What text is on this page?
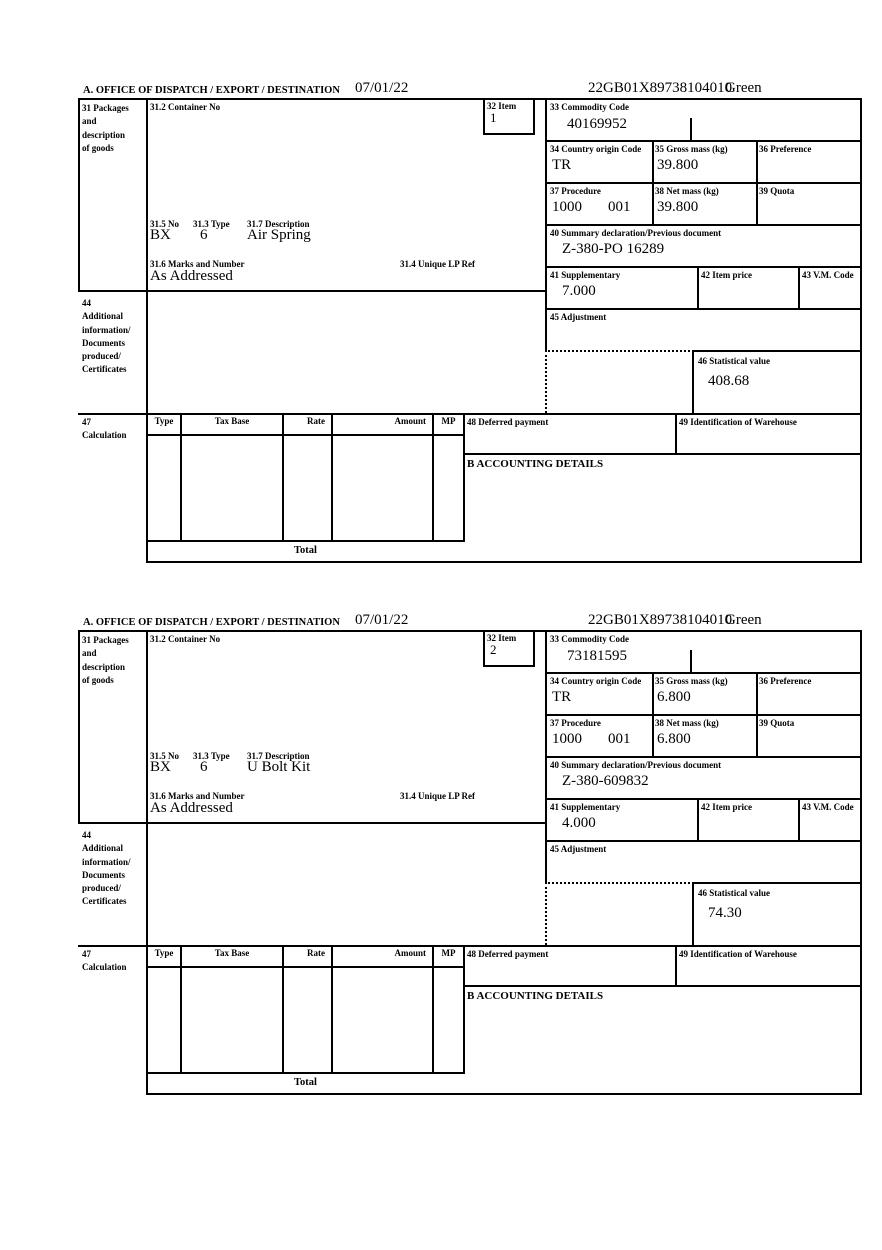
A. OFFICE OF DISPATCH / EXPORT / DESTINATION 07/01/22	22GB01X89738104010
Green
31 Packages
and
description
of goods
44
Additional
information/
Documents
produced/
Certificates
47
Calculation
31.2 Container No
31.5 No 31.3 Type 31.7 Description
BX 6	Air Spring
31.6 Marks and Number	31.4 Unique LP Ref
As Addressed
32 Item
1
33 Commodity Code
40169952
34 Country origin Code
TR
35 Gross mass (kg)
39.800
36 Preference
37 Procedure
1000 001
38 Net mass (kg)
39.800
39 Quota
40 Summary declaration/Previous document
Z-380-PO 16289
41 Supplementary
7.000
42 Item price	43 V.M. Code
45 Adjustment
46 Statistical value
408.68
Type	Tax Base	Rate	Amount	MP	48 Deferred payment	49 Identification of Warehouse
B ACCOUNTING DETAILS
Total
A. OFFICE OF DISPATCH / EXPORT / DESTINATION 07/01/22	22GB01X89738104010
Green
31 Packages
and
description
of goods
44
Additional
information/
Documents
produced/
Certificates
47
Calculation
31.2 Container No
31.5 No 31.3 Type 31.7 Description
BX 6	U Bolt Kit
31.6 Marks and Number	31.4 Unique LP Ref
As Addressed
32 Item
2
33 Commodity Code
73181595
34 Country origin Code
TR
35 Gross mass (kg)
6.800
36 Preference
37 Procedure
1000 001
38 Net mass (kg)
6.800
39 Quota
40 Summary declaration/Previous document
Z-380-609832
41 Supplementary
4.000
42 Item price	43 V.M. Code
45 Adjustment
46 Statistical value
74.30
Type	Tax Base	Rate	Amount	MP	48 Deferred payment	49 Identification of Warehouse
B ACCOUNTING DETAILS
Total
